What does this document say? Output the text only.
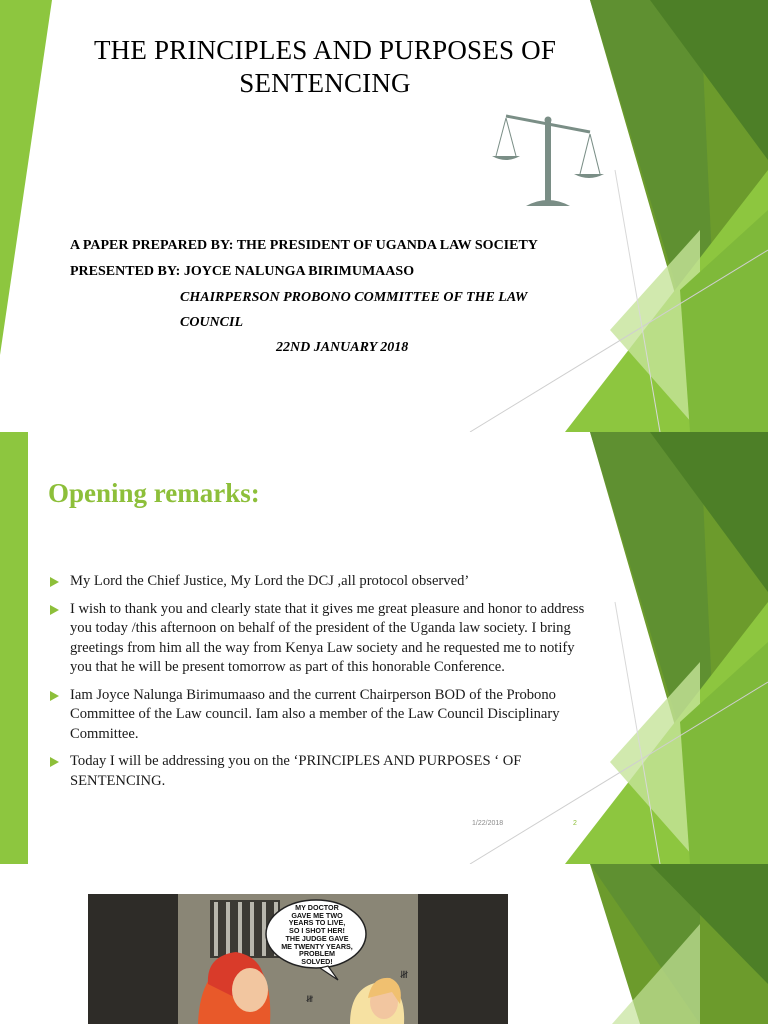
THE PRINCIPLES AND PURPOSES OF
SENTENCING
A PAPER PREPARED BY: THE PRESIDENT OF UGANDA LAW SOCIETY
PRESENTED BY: JOYCE NALUNGA BIRIMUMAASO
CHAIRPERSON PROBONO COMMITTEE OF THE LAW
COUNCIL
22ND JANUARY 2018
Opening remarks:
My Lord the Chief Justice, My Lord the DCJ ,all protocol observed’
I wish to thank you and clearly state that it gives me great pleasure and honor to address you today /this afternoon on behalf of the president of the Uganda law society. I bring greetings from him all the way from Kenya Law society and he requested me to notify you that he will be present tomorrow as part of this honorable Conference.
Iam Joyce Nalunga Birimumaaso and the current Chairperson BOD of the Probono Committee of the Law council. Iam also a member of the Law Council Disciplinary Committee.
Today I will be addressing you on the ‘PRINCIPLES AND PURPOSES ‘ OF SENTENCING.
1/22/2018	2
𝍸
𝍸
MY DOCTOR
GAVE ME TWO
YEARS TO LIVE,
SO I SHOT HER!
THE JUDGE GAVE
ME TWENTY YEARS,
PROBLEM
SOLVED!
